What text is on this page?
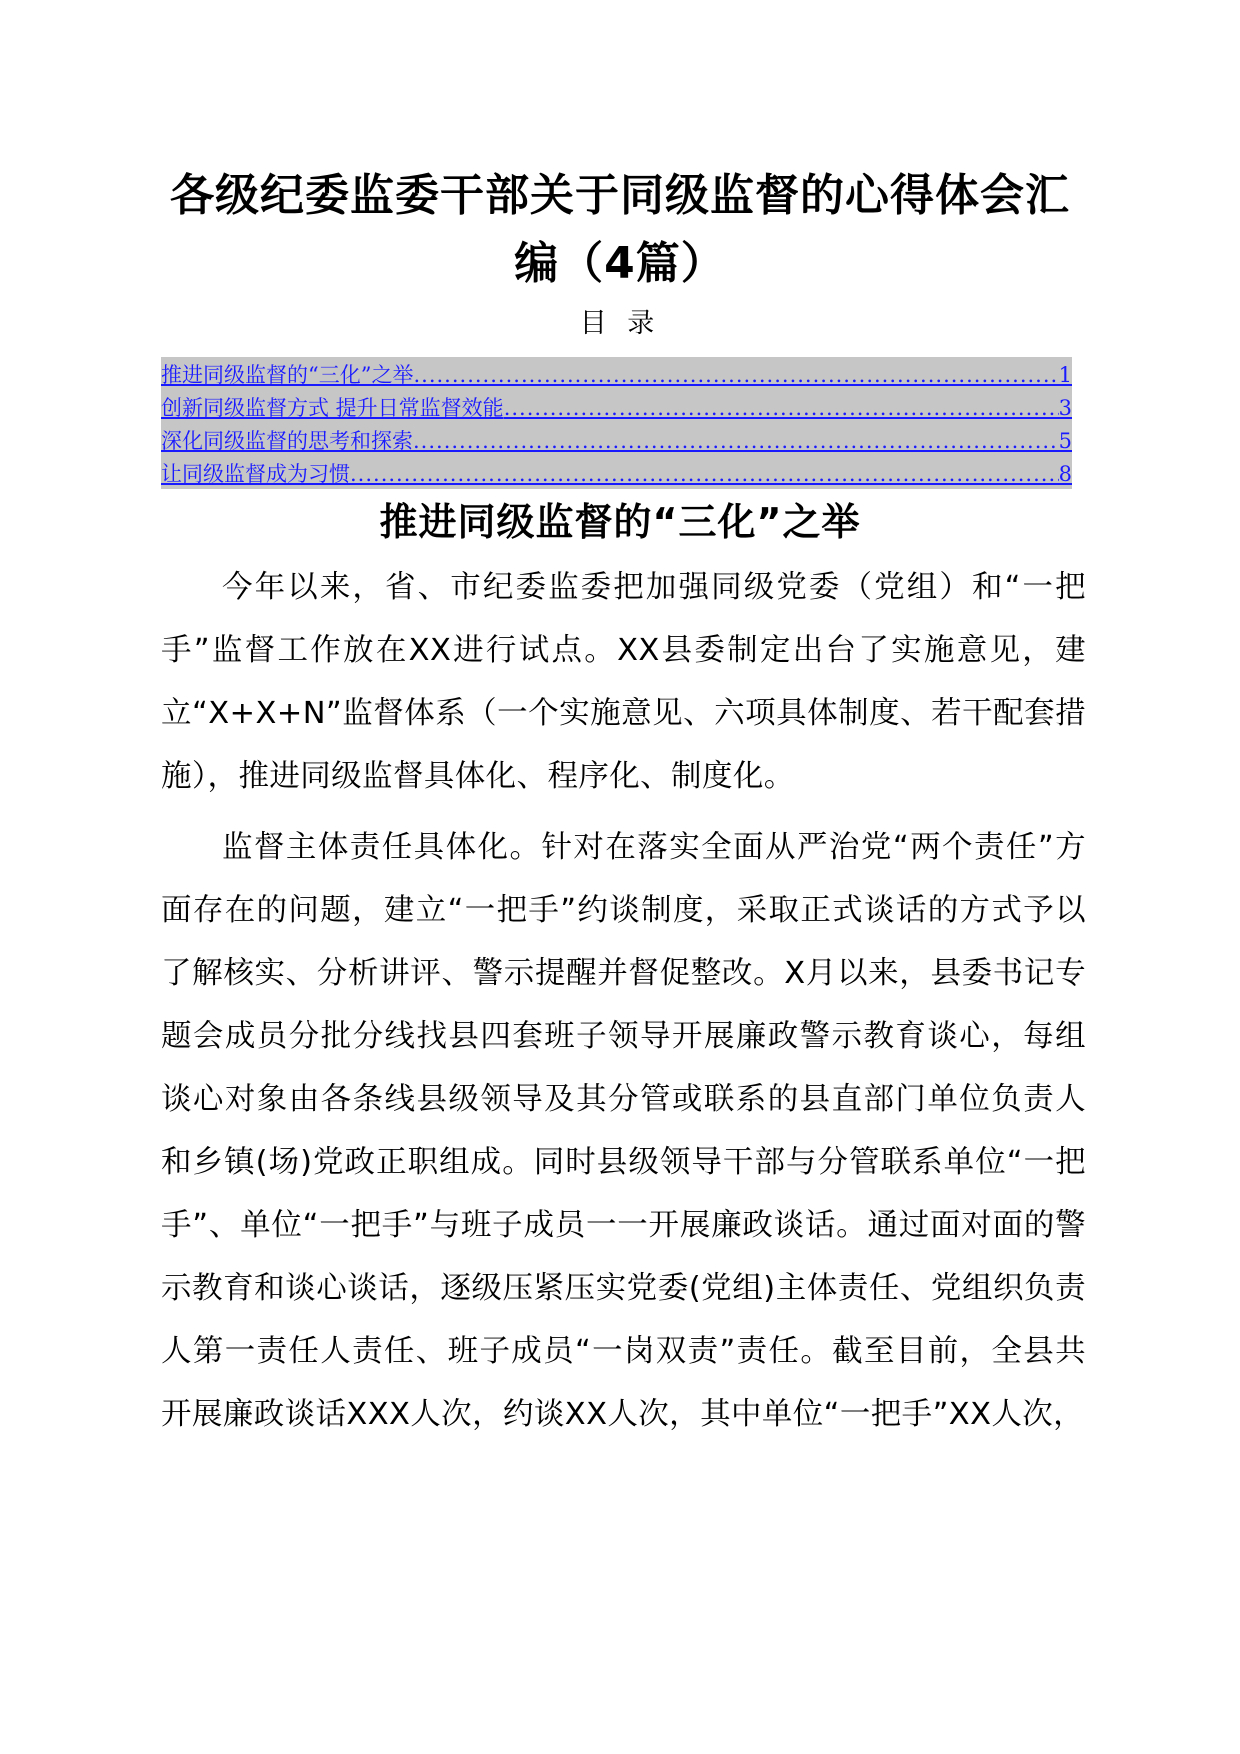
各级纪委监委干部关于同级监督的心得体会汇编（4篇）
目 录
推进同级监督的“三化”之举 .....	1
创新同级监督方式 提升日常监督效能 .....	3
深化同级监督的思考和探索 .....	5
让同级监督成为习惯 .....	8
推进同级监督的“三化”之举

今年以来，省、市纪委监委把加强同级党委（党组）和“一把手”监督工作放在XX进行试点。XX县委制定出台了实施意见，建立“X+X+N”监督体系（一个实施意见、六项具体制度、若干配套措施），推进同级监督具体化、程序化、制度化。

监督主体责任具体化。针对在落实全面从严治党“两个责任”方面存在的问题，建立“一把手”约谈制度，采取正式谈话的方式予以了解核实、分析讲评、警示提醒并督促整改。X月以来，县委书记专题会成员分批分线找县四套班子领导开展廉政警示教育谈心，每组谈心对象由各条线县级领导及其分管或联系的县直部门单位负责人和乡镇(场)党政正职组成。同时县级领导干部与分管联系单位“一把手”、单位“一把手”与班子成员一一开展廉政谈话。通过面对面的警示教育和谈心谈话，逐级压紧压实党委(党组)主体责任、党组织负责人第一责任人责任、班子成员“一岗双责”责任。截至目前，全县共开展廉政谈话XXX人次，约谈XX人次，其中单位“一把手”XX人次，
